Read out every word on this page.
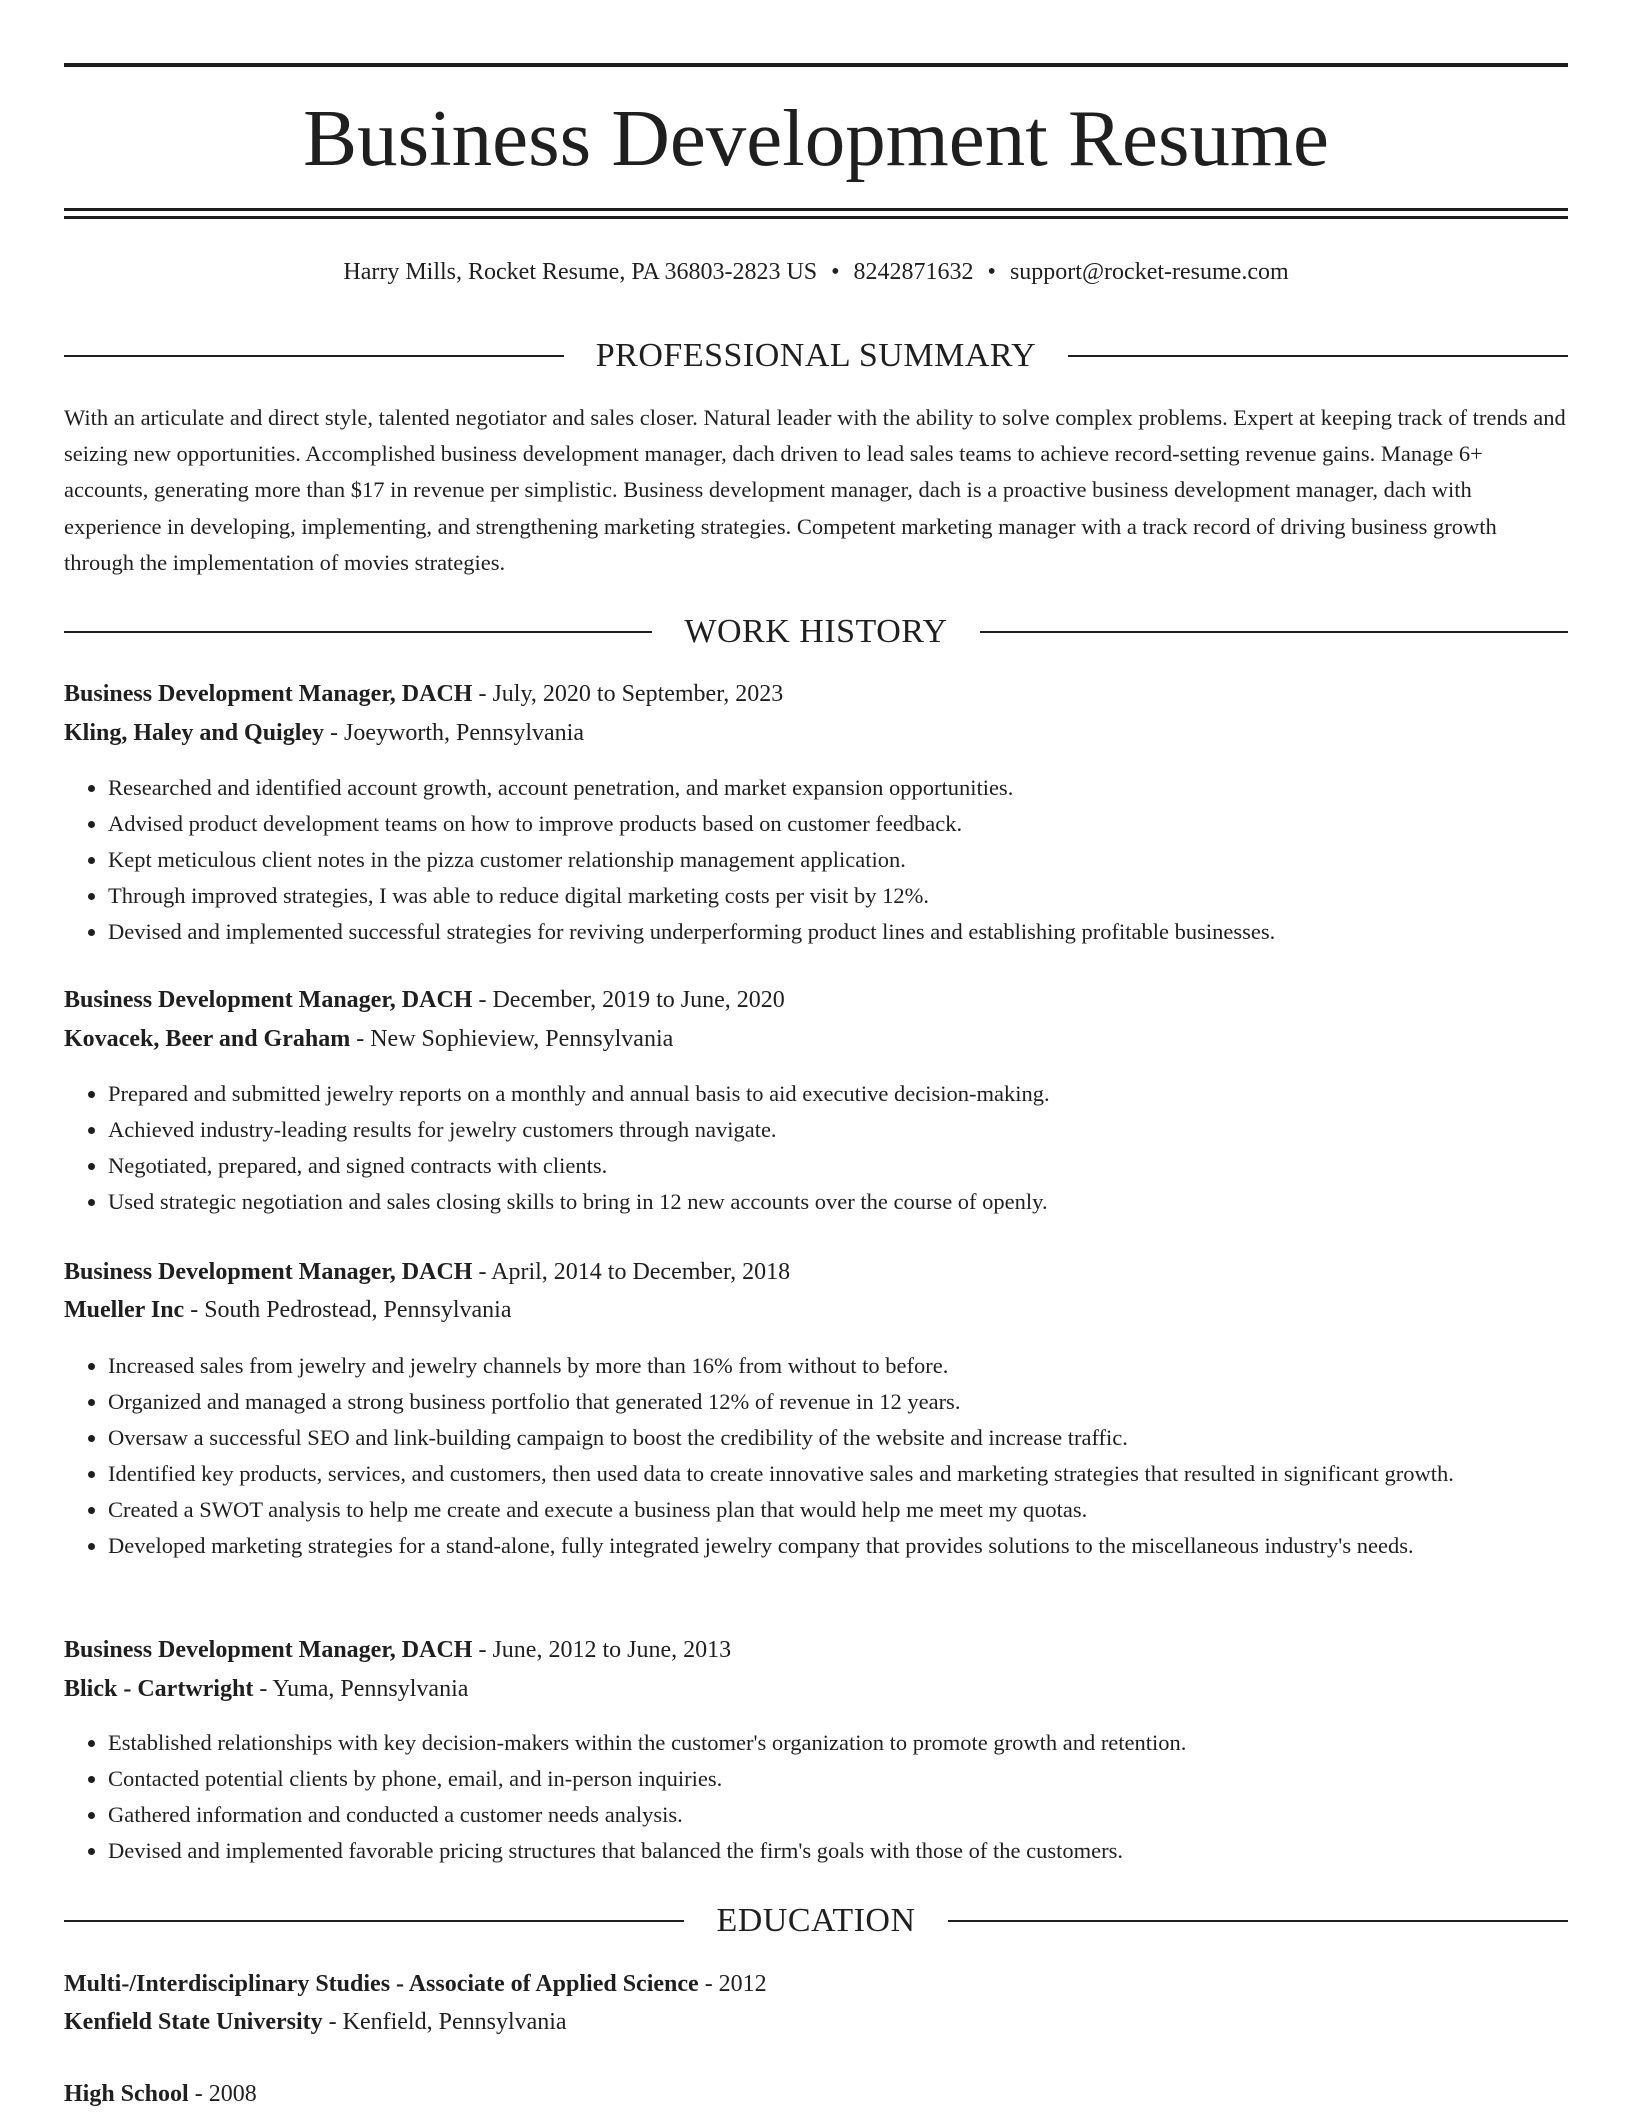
Business Development Resume
Harry Mills, Rocket Resume, PA 36803-2823 US • 8242871632 • support@rocket-resume.com
PROFESSIONAL SUMMARY

With an articulate and direct style, talented negotiator and sales closer. Natural leader with the ability to solve complex problems. Expert at keeping track of trends and seizing new opportunities. Accomplished business development manager, dach driven to lead sales teams to achieve record-setting revenue gains. Manage 6+ accounts, generating more than $17 in revenue per simplistic. Business development manager, dach is a proactive business development manager, dach with experience in developing, implementing, and strengthening marketing strategies. Competent marketing manager with a track record of driving business growth through the implementation of movies strategies.

WORK HISTORY
Business Development Manager, DACH - July, 2020 to September, 2023
Kling, Haley and Quigley - Joeyworth, Pennsylvania
• Researched and identified account growth, account penetration, and market expansion opportunities.
• Advised product development teams on how to improve products based on customer feedback.
• Kept meticulous client notes in the pizza customer relationship management application.
• Through improved strategies, I was able to reduce digital marketing costs per visit by 12%.
• Devised and implemented successful strategies for reviving underperforming product lines and establishing profitable businesses.
Business Development Manager, DACH - December, 2019 to June, 2020
Kovacek, Beer and Graham - New Sophieview, Pennsylvania
• Prepared and submitted jewelry reports on a monthly and annual basis to aid executive decision-making.
• Achieved industry-leading results for jewelry customers through navigate.
• Negotiated, prepared, and signed contracts with clients.
• Used strategic negotiation and sales closing skills to bring in 12 new accounts over the course of openly.
Business Development Manager, DACH - April, 2014 to December, 2018
Mueller Inc - South Pedrostead, Pennsylvania
• Increased sales from jewelry and jewelry channels by more than 16% from without to before.
• Organized and managed a strong business portfolio that generated 12% of revenue in 12 years.
• Oversaw a successful SEO and link-building campaign to boost the credibility of the website and increase traffic.
• Identified key products, services, and customers, then used data to create innovative sales and marketing strategies that resulted in significant growth.
• Created a SWOT analysis to help me create and execute a business plan that would help me meet my quotas.
• Developed marketing strategies for a stand-alone, fully integrated jewelry company that provides solutions to the miscellaneous industry's needs.
Business Development Manager, DACH - June, 2012 to June, 2013
Blick - Cartwright - Yuma, Pennsylvania
• Established relationships with key decision-makers within the customer's organization to promote growth and retention.
• Contacted potential clients by phone, email, and in-person inquiries.
• Gathered information and conducted a customer needs analysis.
• Devised and implemented favorable pricing structures that balanced the firm's goals with those of the customers.
EDUCATION
Multi-/Interdisciplinary Studies - Associate of Applied Science - 2012
Kenfield State University - Kenfield, Pennsylvania
High School - 2008
